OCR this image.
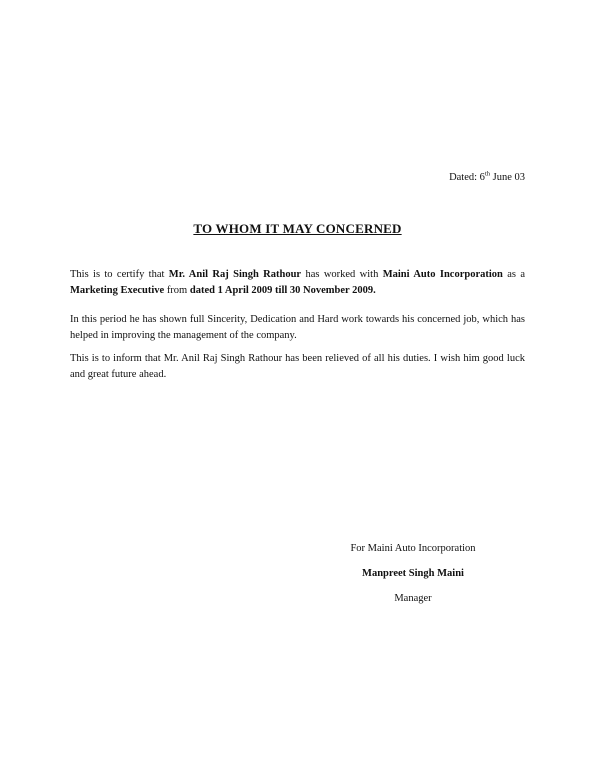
Dated: 6th June 03
TO WHOM IT MAY CONCERNED
This is to certify that Mr. Anil Raj Singh Rathour has worked with Maini Auto Incorporation as a Marketing Executive from dated 1 April 2009 till 30 November 2009.
In this period he has shown full Sincerity, Dedication and Hard work towards his concerned job, which has helped in improving the management of the company.
This is to inform that Mr. Anil Raj Singh Rathour has been relieved of all his duties. I wish him good luck and great future ahead.
For Maini Auto Incorporation
Manpreet Singh Maini
Manager
